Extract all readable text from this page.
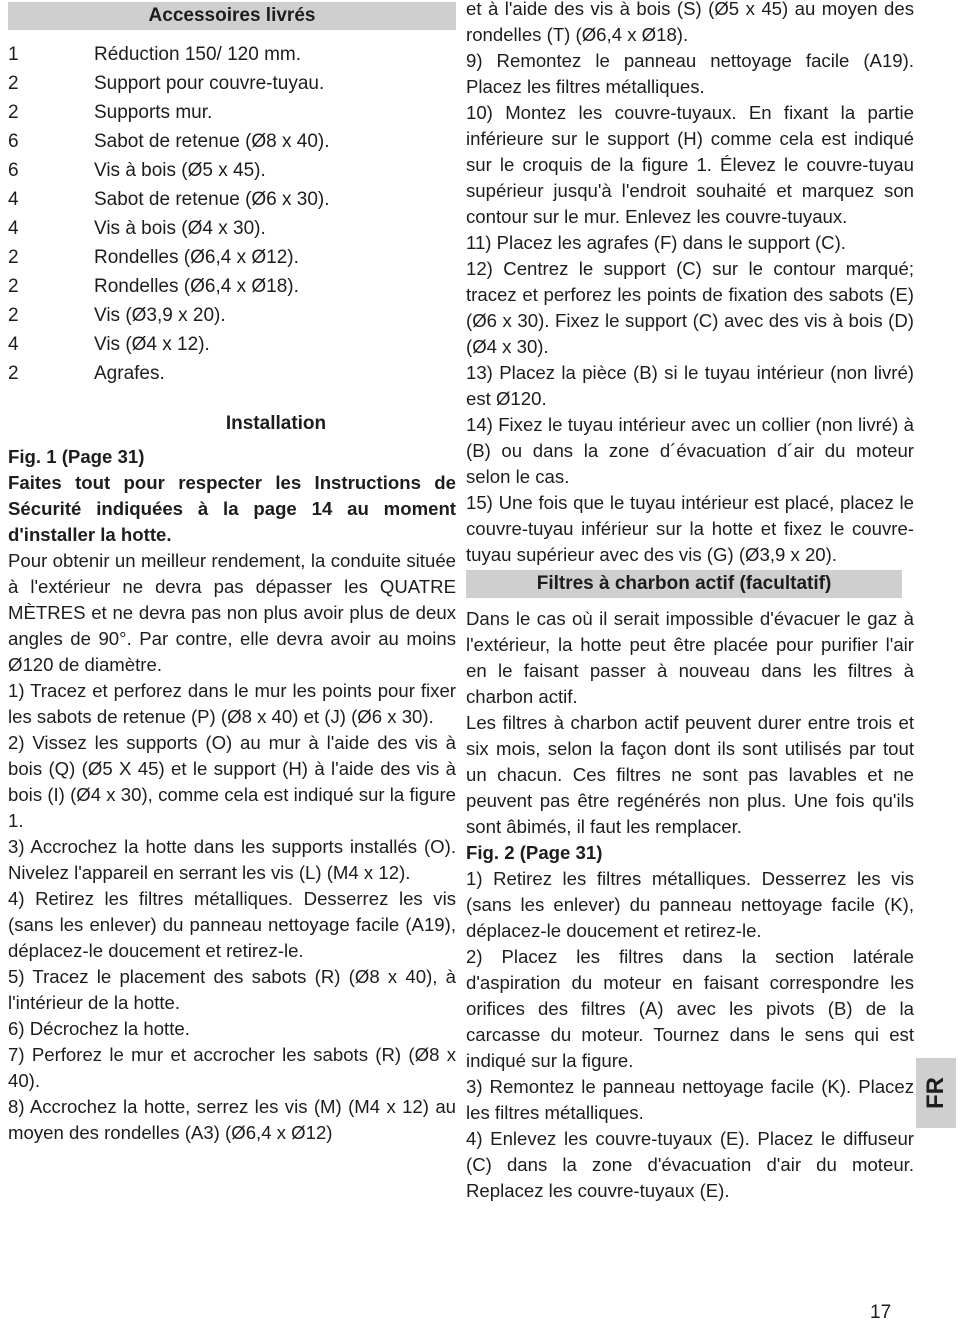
Accessoires livrés
1	Réduction 150/ 120 mm.
2	Support pour couvre-tuyau.
2	Supports mur.
6	Sabot de retenue (Ø8 x 40).
6	Vis à bois (Ø5 x 45).
4	Sabot de retenue (Ø6 x 30).
4	Vis à bois (Ø4 x 30).
2	Rondelles (Ø6,4 x Ø12).
2	Rondelles (Ø6,4 x Ø18).
2	Vis (Ø3,9 x 20).
4	Vis (Ø4 x 12).
2	Agrafes.
Installation

Fig. 1 (Page 31)

Faites tout pour respecter les Instructions de Sécurité indiquées à la page 14 au moment d'installer la hotte.

Pour obtenir un meilleur rendement, la conduite située à l'extérieur ne devra pas dépasser les QUATRE MÈTRES et ne devra pas non plus avoir plus de deux angles de 90°. Par contre, elle devra avoir au moins Ø120 de diamètre.

1) Tracez et perforez dans le mur les points pour fixer les sabots de retenue (P) (Ø8 x 40) et (J) (Ø6 x 30).

2) Vissez les supports (O) au mur à l'aide des vis à bois (Q) (Ø5 X 45) et le support (H) à l'aide des vis à bois (I) (Ø4 x 30), comme cela est indiqué sur la figure 1.

3) Accrochez la hotte dans les supports installés (O). Nivelez l'appareil en serrant les vis (L) (M4 x 12).

4) Retirez les filtres métalliques. Desserrez les vis (sans les enlever) du panneau nettoyage facile (A19), déplacez-le doucement et retirez-le.

5) Tracez le placement des sabots (R) (Ø8 x 40), à l'intérieur de la hotte.

6) Décrochez la hotte.

7) Perforez le mur et accrocher les sabots (R) (Ø8 x 40).

8) Accrochez la hotte, serrez les vis (M) (M4 x 12) au moyen des rondelles (A3) (Ø6,4 x Ø12)

et à l'aide des vis à bois (S) (Ø5 x 45) au moyen des rondelles (T) (Ø6,4 x Ø18).

9) Remontez le panneau nettoyage facile (A19). Placez les filtres métalliques.

10) Montez les couvre-tuyaux. En fixant la partie inférieure sur le support (H) comme cela est indiqué sur le croquis de la figure 1. Élevez le couvre-tuyau supérieur jusqu'à l'endroit souhaité et marquez son contour sur le mur. Enlevez les couvre-tuyaux.

11) Placez les agrafes (F) dans le support (C).

12) Centrez le support (C) sur le contour marqué; tracez et perforez les points de fixation des sabots (E) (Ø6 x 30). Fixez le support (C) avec des vis à bois (D) (Ø4 x 30).

13) Placez la pièce (B) si le tuyau intérieur (non livré) est Ø120.

14) Fixez le tuyau intérieur avec un collier (non livré) à (B) ou dans la zone d´évacuation d´air du moteur selon le cas.

15) Une fois que le tuyau intérieur est placé, placez le couvre-tuyau inférieur sur la hotte et fixez le couvre-tuyau supérieur avec des vis (G) (Ø3,9 x 20).

Filtres à charbon actif (facultatif)

Dans le cas où il serait impossible d'évacuer le gaz à l'extérieur, la hotte peut être placée pour purifier l'air en le faisant passer à nouveau dans les filtres à charbon actif.

Les filtres à charbon actif peuvent durer entre trois et six mois, selon la façon dont ils sont utilisés par tout un chacun. Ces filtres ne sont pas lavables et ne peuvent pas être regénérés non plus. Une fois qu'ils sont âbimés, il faut les remplacer.

Fig. 2 (Page 31)

1) Retirez les filtres métalliques. Desserrez les vis (sans les enlever) du panneau nettoyage facile (K), déplacez-le doucement et retirez-le.

2) Placez les filtres dans la section latérale d'aspiration du moteur en faisant correspondre les orifices des filtres (A) avec les pivots (B) de la carcasse du moteur. Tournez dans le sens qui est indiqué sur la figure.

3) Remontez le panneau nettoyage facile (K). Placez les filtres métalliques.

4) Enlevez les couvre-tuyaux (E). Placez le diffuseur (C) dans la zone d'évacuation d'air du moteur. Replacez les couvre-tuyaux (E).

FR
17
